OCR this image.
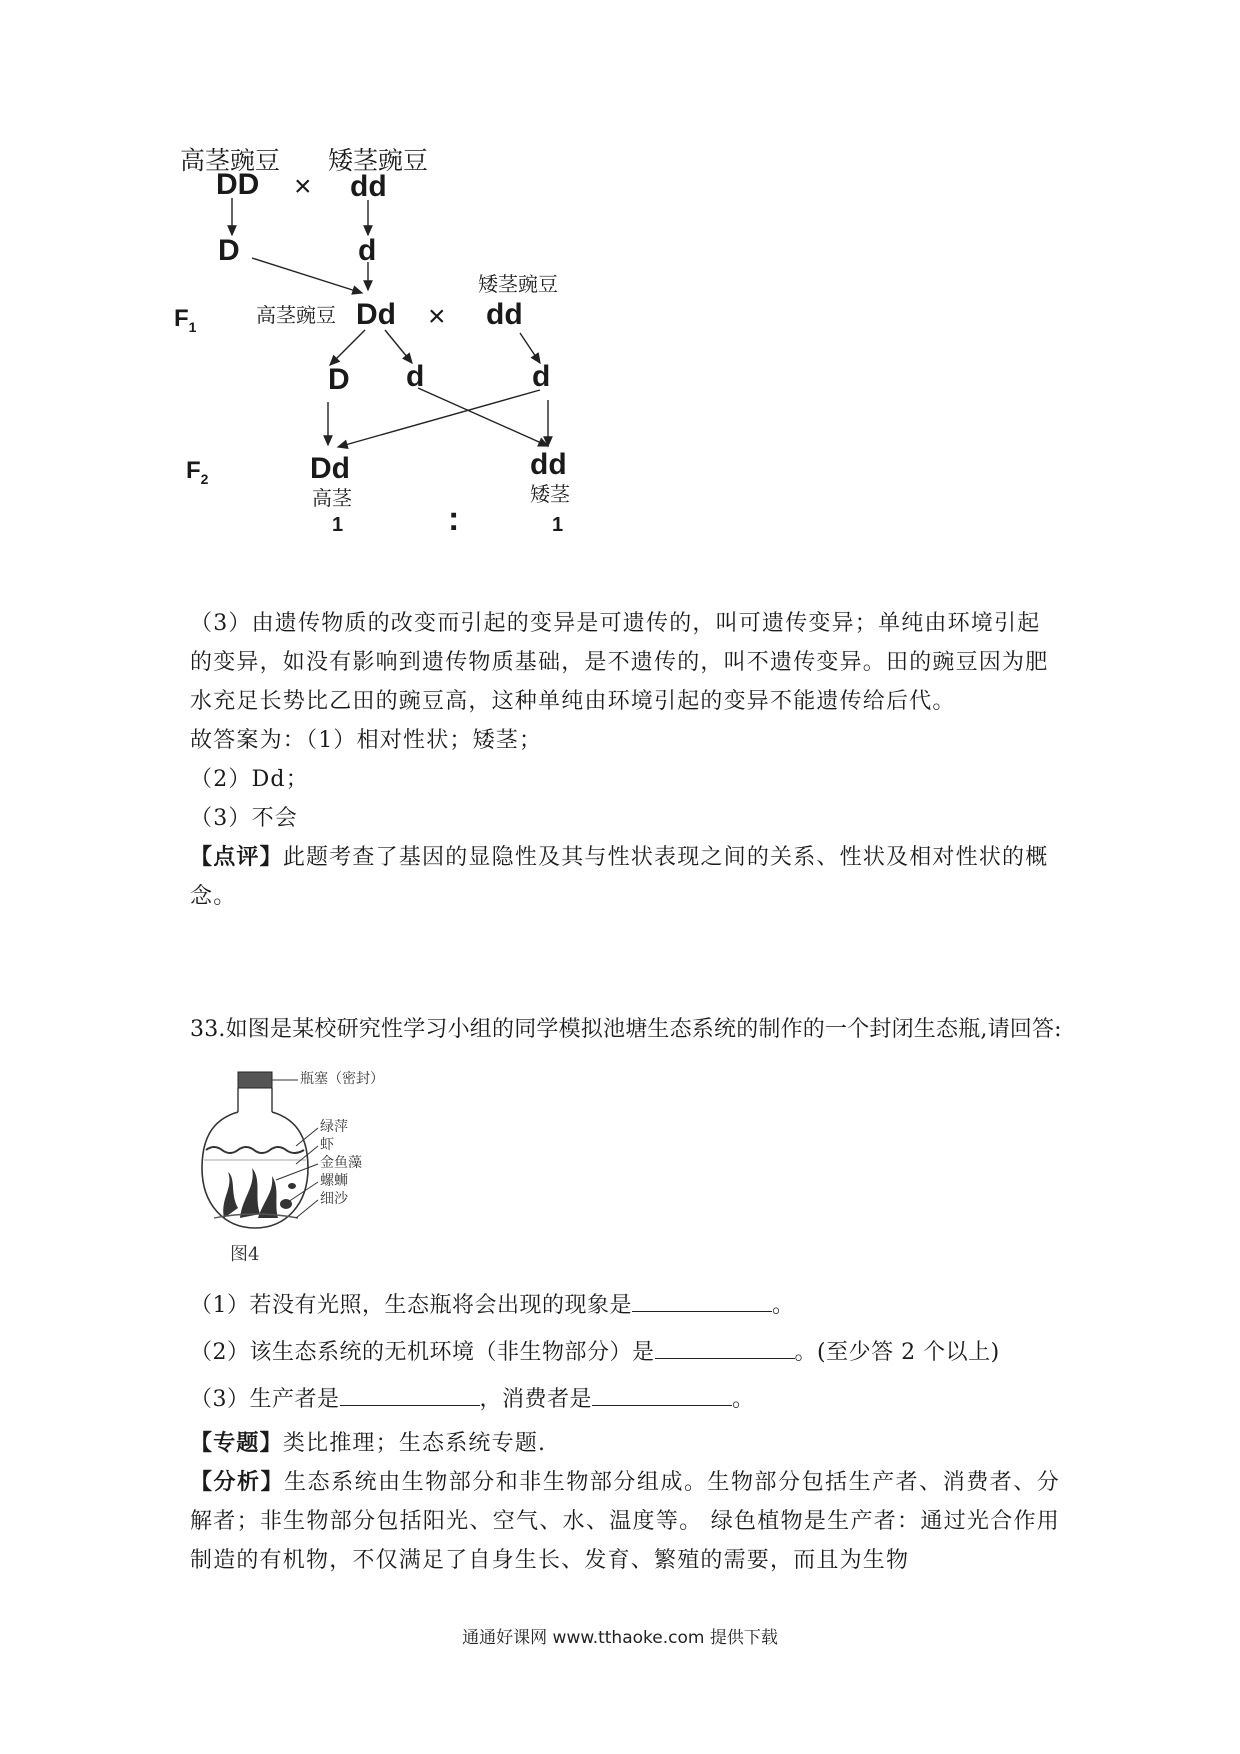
高茎豌豆 矮茎豌豆
DD × dd
D	d
$F_1$	高茎豌豆 Dd ×
矮茎豌豆
dd
D d	d
$F_2$	Dd	dd
高茎	矮茎
1	:	1

（3）由遗传物质的改变而引起的变异是可遗传的，叫可遗传变异；单纯由环境引起的变异，如没有影响到遗传物质基础，是不遗传的，叫不遗传变异。田的豌豆因为肥水充足长势比乙田的豌豆高，这种单纯由环境引起的变异不能遗传给后代。

故答案为：（1）相对性状；矮茎；

（2）Dd；

（3）不会

【点评】此题考查了基因的显隐性及其与性状表现之间的关系、性状及相对性状的概念。

33.如图是某校研究性学习小组的同学模拟池塘生态系统的制作的一个封闭生态瓶,请回答:

瓶塞（密封）
绿萍
虾
金鱼藻
螺蛳
细沙
图4

（1）若没有光照，生态瓶将会出现的现象是	。

（2）该生态系统的无机环境（非生物部分）是	。(至少答 2 个以上)

（3）生产者是	，消费者是	。

【专题】类比推理；生态系统专题.

【分析】生态系统由生物部分和非生物部分组成。生物部分包括生产者、消费者、分解者；非生物部分包括阳光、空气、水、温度等。 绿色植物是生产者：通过光合作用制造的有机物，不仅满足了自身生长、发育、繁殖的需要，而且为生物

通通好课网 www.tthaoke.com 提供下载
